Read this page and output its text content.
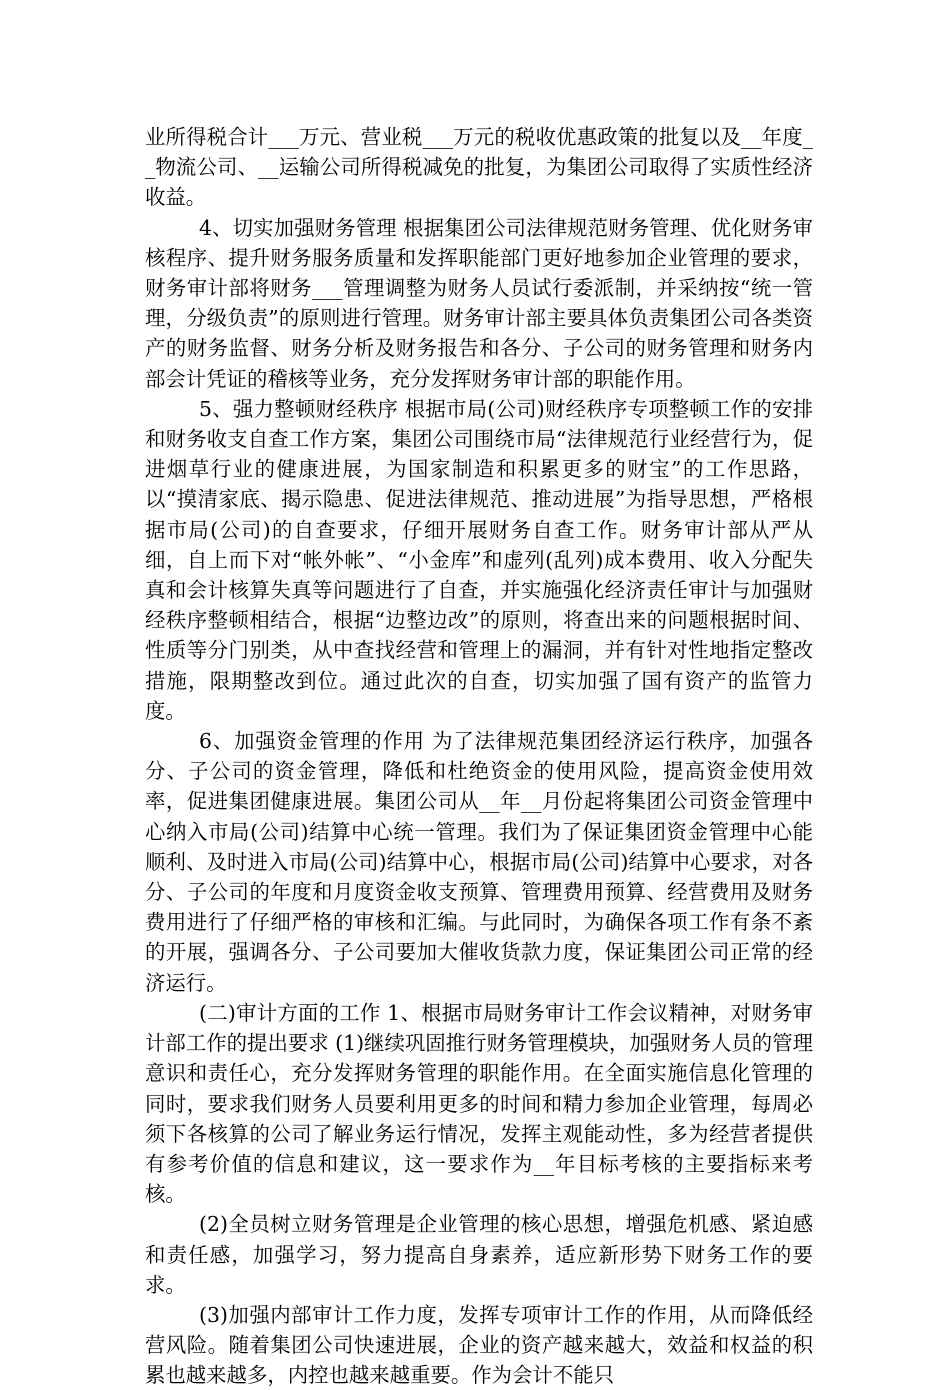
业所得税合计___万元、营业税___万元的税收优惠政策的批复以及__年度__物流公司、__运输公司所得税减免的批复，为集团公司取得了实质性经济收益。

4、切实加强财务管理 根据集团公司法律规范财务管理、优化财务审核程序、提升财务服务质量和发挥职能部门更好地参加企业管理的要求，财务审计部将财务___管理调整为财务人员试行委派制，并采纳按“统一管理，分级负责”的原则进行管理。财务审计部主要具体负责集团公司各类资产的财务监督、财务分析及财务报告和各分、子公司的财务管理和财务内部会计凭证的稽核等业务，充分发挥财务审计部的职能作用。

5、强力整顿财经秩序 根据市局(公司)财经秩序专项整顿工作的安排和财务收支自查工作方案，集团公司围绕市局“法律规范行业经营行为，促进烟草行业的健康进展，为国家制造和积累更多的财宝”的工作思路，以“摸清家底、揭示隐患、促进法律规范、推动进展”为指导思想，严格根据市局(公司)的自查要求，仔细开展财务自查工作。财务审计部从严从细，自上而下对“帐外帐”、“小金库”和虚列(乱列)成本费用、收入分配失真和会计核算失真等问题进行了自查，并实施强化经济责任审计与加强财经秩序整顿相结合，根据“边整边改”的原则，将查出来的问题根据时间、性质等分门别类，从中查找经营和管理上的漏洞，并有针对性地指定整改措施，限期整改到位。通过此次的自查，切实加强了国有资产的监管力度。

6、加强资金管理的作用 为了法律规范集团经济运行秩序，加强各分、子公司的资金管理，降低和杜绝资金的使用风险，提高资金使用效率，促进集团健康进展。集团公司从__年__月份起将集团公司资金管理中心纳入市局(公司)结算中心统一管理。我们为了保证集团资金管理中心能顺利、及时进入市局(公司)结算中心，根据市局(公司)结算中心要求，对各分、子公司的年度和月度资金收支预算、管理费用预算、经营费用及财务费用进行了仔细严格的审核和汇编。与此同时，为确保各项工作有条不紊的开展，强调各分、子公司要加大催收货款力度，保证集团公司正常的经济运行。

(二)审计方面的工作 1、根据市局财务审计工作会议精神，对财务审计部工作的提出要求 (1)继续巩固推行财务管理模块，加强财务人员的管理意识和责任心，充分发挥财务管理的职能作用。在全面实施信息化管理的同时，要求我们财务人员要利用更多的时间和精力参加企业管理，每周必须下各核算的公司了解业务运行情况，发挥主观能动性，多为经营者提供有参考价值的信息和建议，这一要求作为__年目标考核的主要指标来考核。

(2)全员树立财务管理是企业管理的核心思想，增强危机感、紧迫感和责任感，加强学习，努力提高自身素养，适应新形势下财务工作的要求。

(3)加强内部审计工作力度，发挥专项审计工作的作用，从而降低经营风险。随着集团公司快速进展，企业的资产越来越大，效益和权益的积累也越来越多，内控也越来越重要。作为会计不能只
